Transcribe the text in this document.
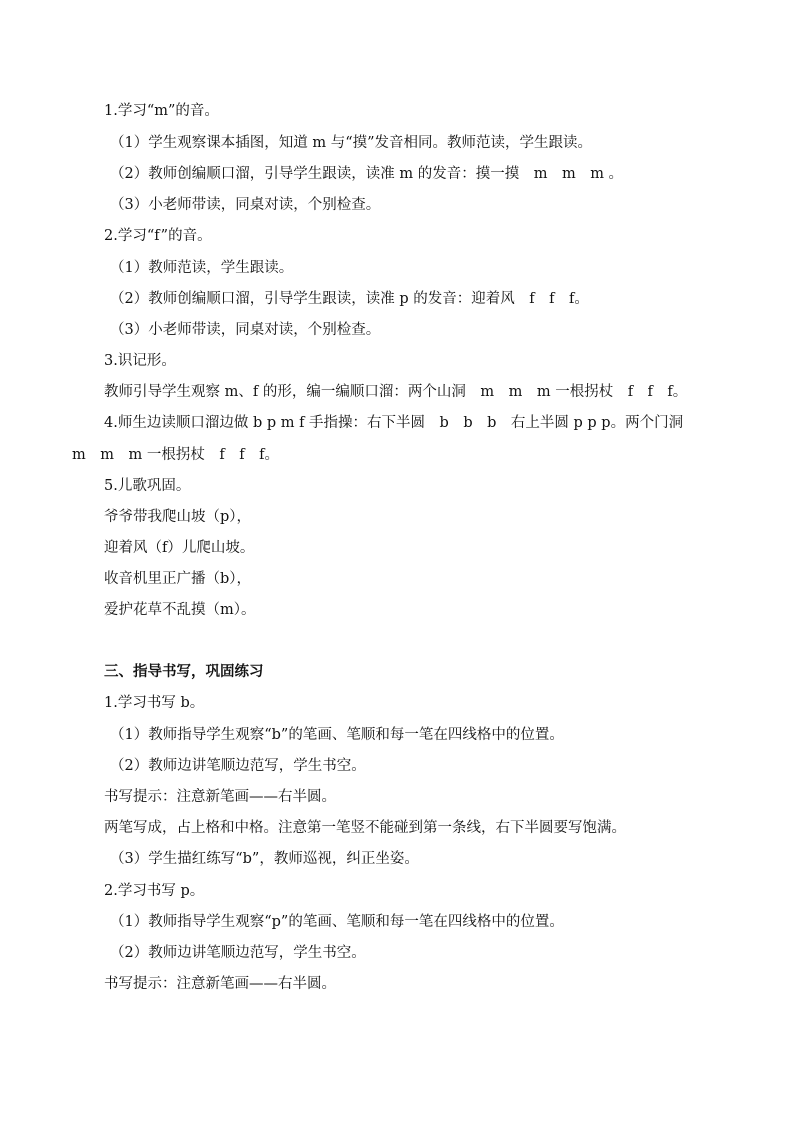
1.学习“m”的音。
（1）学生观察课本插图，知道 m 与“摸”发音相同。教师范读，学生跟读。
（2）教师创编顺口溜，引导学生跟读，读准 m 的发音：摸一摸　m　m　m 。
（3）小老师带读，同桌对读，个别检查。
2.学习“f”的音。
（1）教师范读，学生跟读。
（2）教师创编顺口溜，引导学生跟读，读准 p 的发音：迎着风　f　f　f。
（3）小老师带读，同桌对读，个别检查。
3.识记形。
教师引导学生观察 m、f 的形，编一编顺口溜：两个山洞　m　m　m 一根拐杖　f　f　f。
4.师生边读顺口溜边做 b p m f 手指操：右下半圆　b　b　b　右上半圆 p p p。两个门洞
m　m　m 一根拐杖　f　f　f。
5.儿歌巩固。
爷爷带我爬山坡（p），
迎着风（f）儿爬山坡。
收音机里正广播（b），
爱护花草不乱摸（m）。
三、指导书写，巩固练习
1.学习书写 b。
（1）教师指导学生观察“b”的笔画、笔顺和每一笔在四线格中的位置。
（2）教师边讲笔顺边范写，学生书空。
书写提示：注意新笔画——右半圆。
两笔写成，占上格和中格。注意第一笔竖不能碰到第一条线，右下半圆要写饱满。
（3）学生描红练写“b”，教师巡视，纠正坐姿。
2.学习书写 p。
（1）教师指导学生观察“p”的笔画、笔顺和每一笔在四线格中的位置。
（2）教师边讲笔顺边范写，学生书空。
书写提示：注意新笔画——右半圆。
